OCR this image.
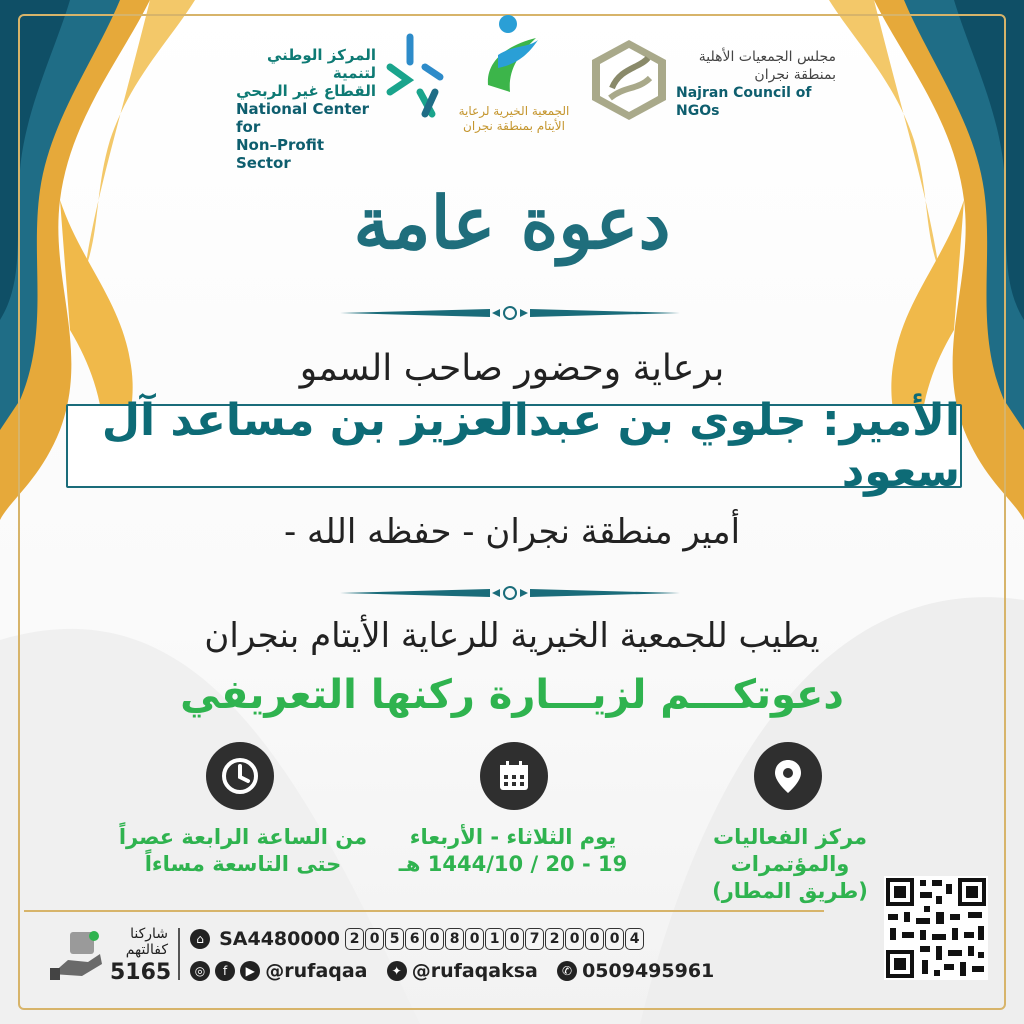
المركز الوطني لتنمية
القطاع غير الربحي
National Center for
Non–Profit Sector
الجمعية الخيرية لرعاية
الأيتام بمنطقة نجران
مجلس الجمعيات الأهلية
بمنطقة نجران
Najran Council of NGOs
دعوة عامة
برعاية وحضور صاحب السمو
الأمير: جلوي بن عبدالعزيز بن مساعد آل سعود
أمير منطقة نجران - حفظه الله -
يطيب للجمعية الخيرية للرعاية الأيتام بنجران
دعوتكـــم لزيـــارة ركنها التعريفي
من الساعة الرابعة عصراً
حتى التاسعة مساءاً
يوم الثلاثاء - الأربعاء
19 - 20 / 1444/10 هـ
مركز الفعاليات والمؤتمرات
(طريق المطار)
شاركنا
كفالتهم
5165
⌂ SA4480000 2 0 5 6 0 8 0 1 0 7 2 0 0 0 4
◎ f ▶ @rufaqaa ✦ @rufaqaksa ✆ 0509495961
